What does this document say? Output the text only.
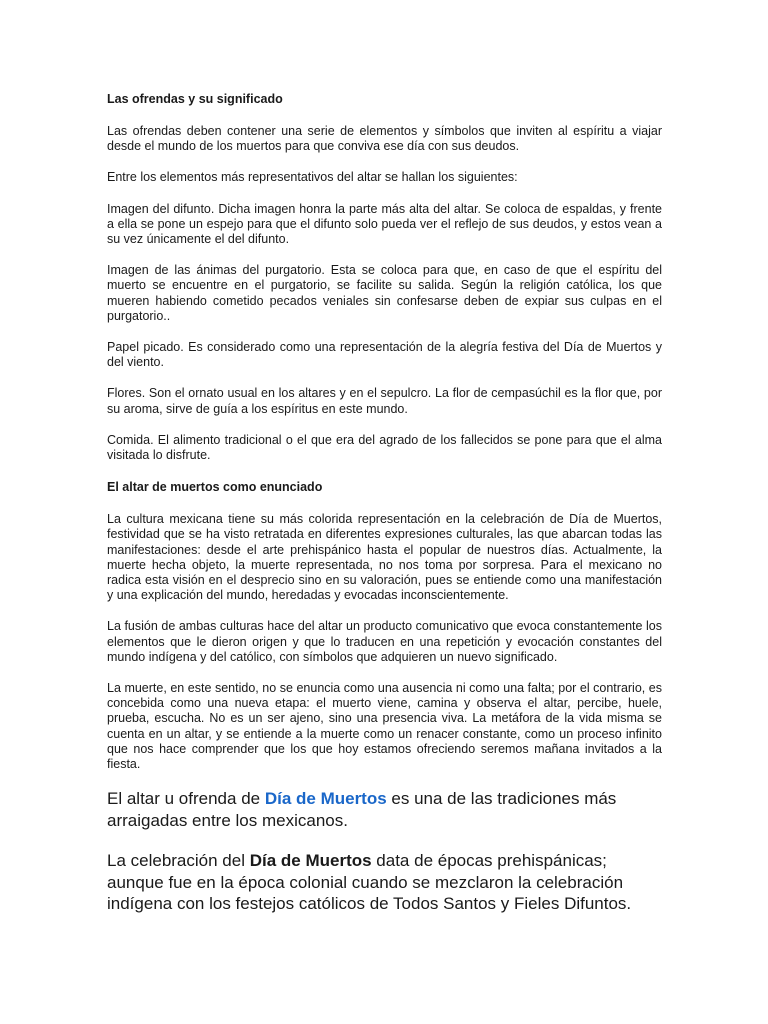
Las ofrendas y su significado

Las ofrendas deben contener una serie de elementos y símbolos que inviten al espíritu a viajar desde el mundo de los muertos para que conviva ese día con sus deudos.

Entre los elementos más representativos del altar se hallan los siguientes:

Imagen del difunto. Dicha imagen honra la parte más alta del altar. Se coloca de espaldas, y frente a ella se pone un espejo para que el difunto solo pueda ver el reflejo de sus deudos, y estos vean a su vez únicamente el del difunto.

Imagen de las ánimas del purgatorio. Esta se coloca para que, en caso de que el espíritu del muerto se encuentre en el purgatorio, se facilite su salida. Según la religión católica, los que mueren habiendo cometido pecados veniales sin confesarse deben de expiar sus culpas en el purgatorio..

Papel picado. Es considerado como una representación de la alegría festiva del Día de Muertos y del viento.

Flores. Son el ornato usual en los altares y en el sepulcro. La flor de cempasúchil es la flor que, por su aroma, sirve de guía a los espíritus en este mundo.

Comida. El alimento tradicional o el que era del agrado de los fallecidos se pone para que el alma visitada lo disfrute.

El altar de muertos como enunciado

La cultura mexicana tiene su más colorida representación en la celebración de Día de Muertos, festividad que se ha visto retratada en diferentes expresiones culturales, las que abarcan todas las manifestaciones: desde el arte prehispánico hasta el popular de nuestros días. Actualmente, la muerte hecha objeto, la muerte representada, no nos toma por sorpresa. Para el mexicano no radica esta visión en el desprecio sino en su valoración, pues se entiende como una manifestación y una explicación del mundo, heredadas y evocadas inconscientemente.

La fusión de ambas culturas hace del altar un producto comunicativo que evoca constantemente los elementos que le dieron origen y que lo traducen en una repetición y evocación constantes del mundo indígena y del católico, con símbolos que adquieren un nuevo significado.

La muerte, en este sentido, no se enuncia como una ausencia ni como una falta; por el contrario, es concebida como una nueva etapa: el muerto viene, camina y observa el altar, percibe, huele, prueba, escucha. No es un ser ajeno, sino una presencia viva. La metáfora de la vida misma se cuenta en un altar, y se entiende a la muerte como un renacer constante, como un proceso infinito que nos hace comprender que los que hoy estamos ofreciendo seremos mañana invitados a la fiesta.

El altar u ofrenda de Día de Muertos es una de las tradiciones más arraigadas entre los mexicanos.

La celebración del Día de Muertos data de épocas prehispánicas; aunque fue en la época colonial cuando se mezclaron la celebración indígena con los festejos católicos de Todos Santos y Fieles Difuntos.
